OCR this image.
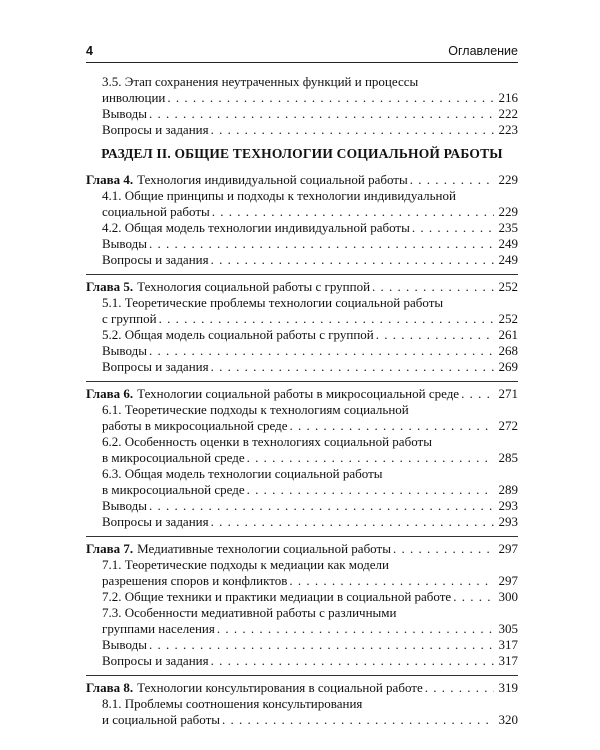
4	Оглавление
3.5. Этап сохранения неутраченных функций и процессы
инволюции . . .	216
Выводы . . .	222
Вопросы и задания . . .	223
РАЗДЕЛ II. ОБЩИЕ ТЕХНОЛОГИИ СОЦИАЛЬНОЙ РАБОТЫ
Глава 4. Технология индивидуальной социальной работы . . .	229
4.1. Общие принципы и подходы к технологии индивидуальной
социальной работы . . .	229
4.2. Общая модель технологии индивидуальной работы . . .	235
Выводы . . .	249
Вопросы и задания . . .	249
Глава 5. Технология социальной работы с группой . . .	252
5.1. Теоретические проблемы технологии социальной работы
с группой . . .	252
5.2. Общая модель социальной работы с группой . . .	261
Выводы . . .	268
Вопросы и задания . . .	269
Глава 6. Технологии социальной работы в микросоциальной среде . . .	271
6.1. Теоретические подходы к технологиям социальной
работы в микросоциальной среде . . .	272
6.2. Особенность оценки в технологиях социальной работы
в микросоциальной среде . . .	285
6.3. Общая модель технологии социальной работы
в микросоциальной среде . . .	289
Выводы . . .	293
Вопросы и задания . . .	293
Глава 7. Медиативные технологии социальной работы . . .	297
7.1. Теоретические подходы к медиации как модели
разрешения споров и конфликтов . . .	297
7.2. Общие техники и практики медиации в социальной работе . . .	300
7.3. Особенности медиативной работы с различными
группами населения . . .	305
Выводы . . .	317
Вопросы и задания . . .	317
Глава 8. Технологии консультирования в социальной работе . . .	319
8.1. Проблемы соотношения консультирования
и социальной работы . . .	320
